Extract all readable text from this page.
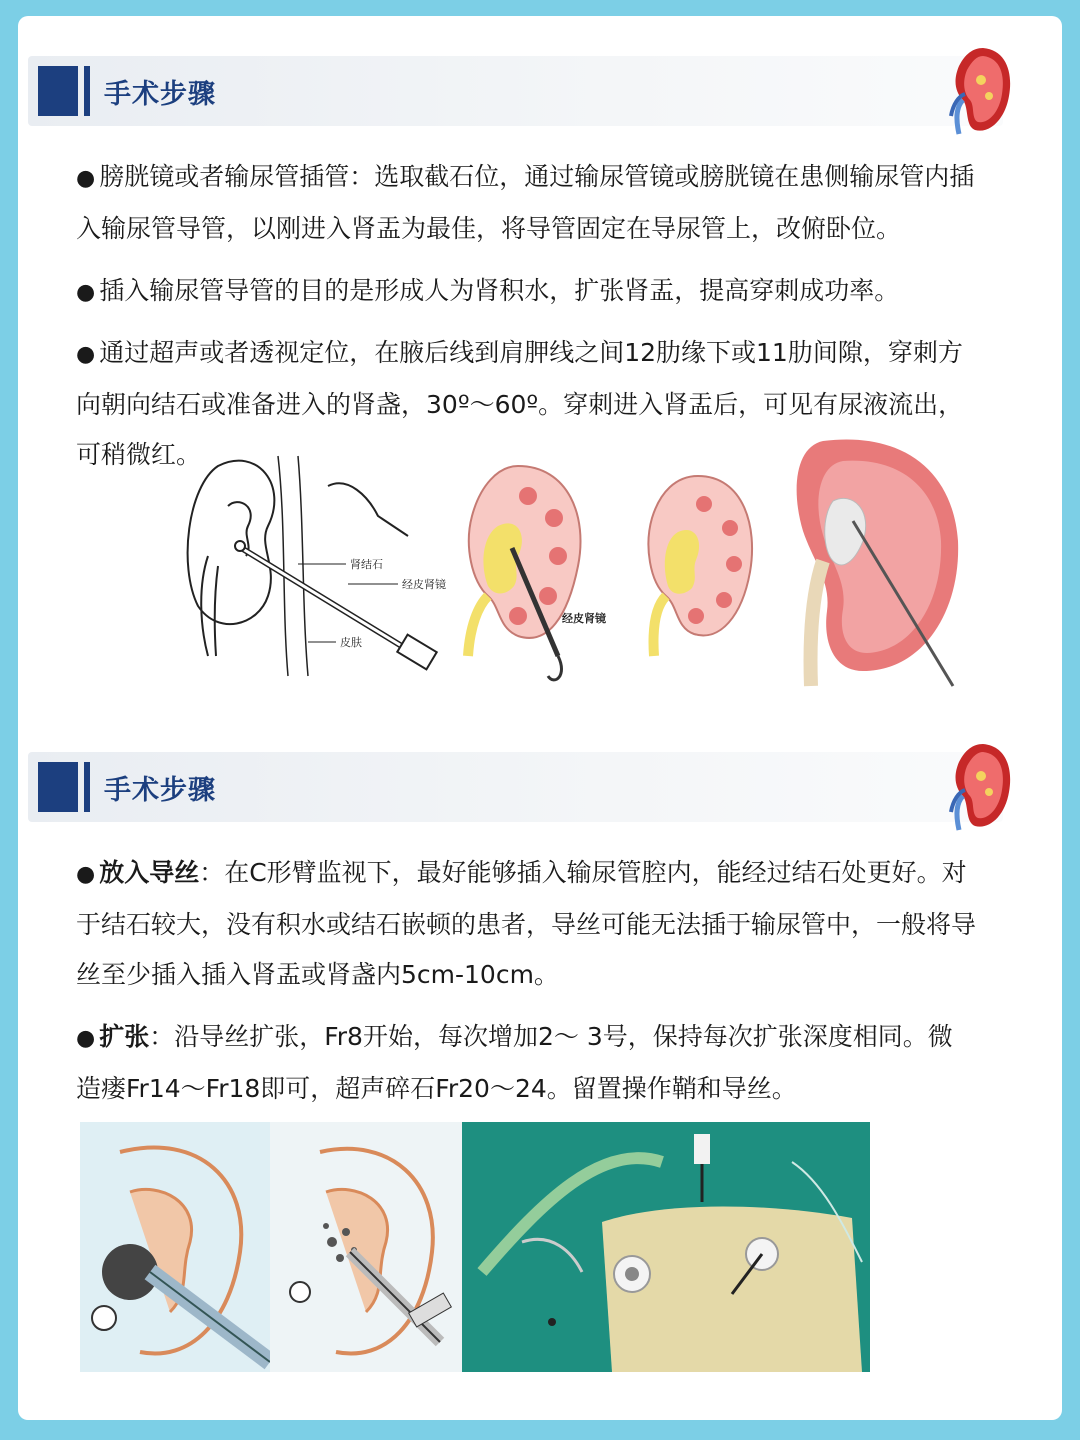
手术步骤
● 膀胱镜或者输尿管插管：选取截石位，通过输尿管镜或膀胱镜在患侧输尿管内插入输尿管导管，以刚进入肾盂为最佳，将导管固定在导尿管上，改俯卧位。
● 插入输尿管导管的目的是形成人为肾积水，扩张肾盂，提高穿刺成功率。
● 通过超声或者透视定位，在腋后线到肩胛线之间12肋缘下或11肋间隙，穿刺方向朝向结石或准备进入的肾盏，30º～60º。穿刺进入肾盂后，可见有尿液流出，可稍微红。
肾结石
经皮肾镜
皮肤
经皮肾镜
手术步骤
● 放入导丝：在C形臂监视下，最好能够插入输尿管腔内，能经过结石处更好。对于结石较大，没有积水或结石嵌顿的患者，导丝可能无法插于输尿管中，一般将导丝至少插入插入肾盂或肾盏内5cm-10cm。
● 扩张：沿导丝扩张，Fr8开始，每次增加2～ 3号，保持每次扩张深度相同。微造瘘Fr14～Fr18即可，超声碎石Fr20～24。留置操作鞘和导丝。
